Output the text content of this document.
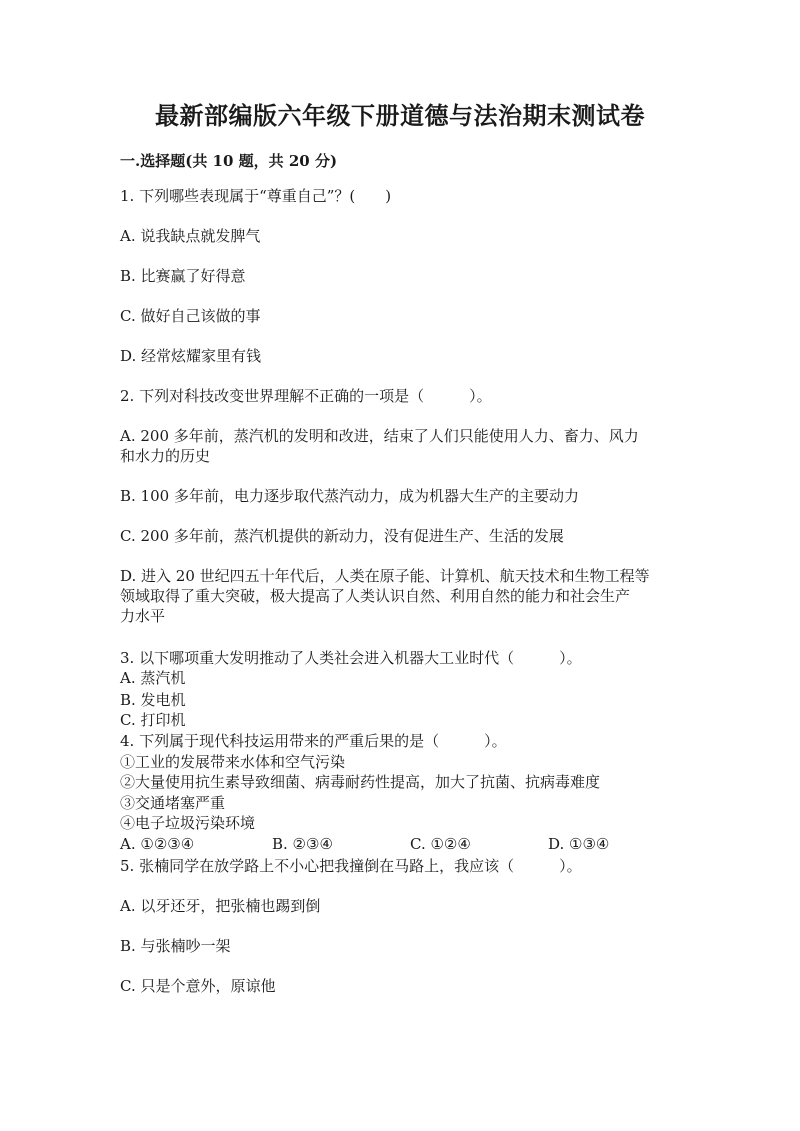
最新部编版六年级下册道德与法治期末测试卷
一.选择题(共 10 题，共 20 分)
1. 下列哪些表现属于“尊重自己”？(　　)
A. 说我缺点就发脾气
B. 比赛赢了好得意
C. 做好自己该做的事
D. 经常炫耀家里有钱
2. 下列对科技改变世界理解不正确的一项是（　　　）。
A. 200 多年前，蒸汽机的发明和改进，结束了人们只能使用人力、畜力、风力
和水力的历史
B. 100 多年前，电力逐步取代蒸汽动力，成为机器大生产的主要动力
C. 200 多年前，蒸汽机提供的新动力，没有促进生产、生活的发展
D. 进入 20 世纪四五十年代后，人类在原子能、计算机、航天技术和生物工程等
领域取得了重大突破，极大提高了人类认识自然、利用自然的能力和社会生产
力水平
3. 以下哪项重大发明推动了人类社会进入机器大工业时代（　　　）。
A. 蒸汽机
B. 发电机
C. 打印机
4. 下列属于现代科技运用带来的严重后果的是（　　　）。
①工业的发展带来水体和空气污染
②大量使用抗生素导致细菌、病毒耐药性提高，加大了抗菌、抗病毒难度
③交通堵塞严重
④电子垃圾污染环境
A. ①②③④	B. ②③④	C. ①②④	D. ①③④
5. 张楠同学在放学路上不小心把我撞倒在马路上，我应该（　　　）。
A. 以牙还牙，把张楠也踢到倒
B. 与张楠吵一架
C. 只是个意外，原谅他
